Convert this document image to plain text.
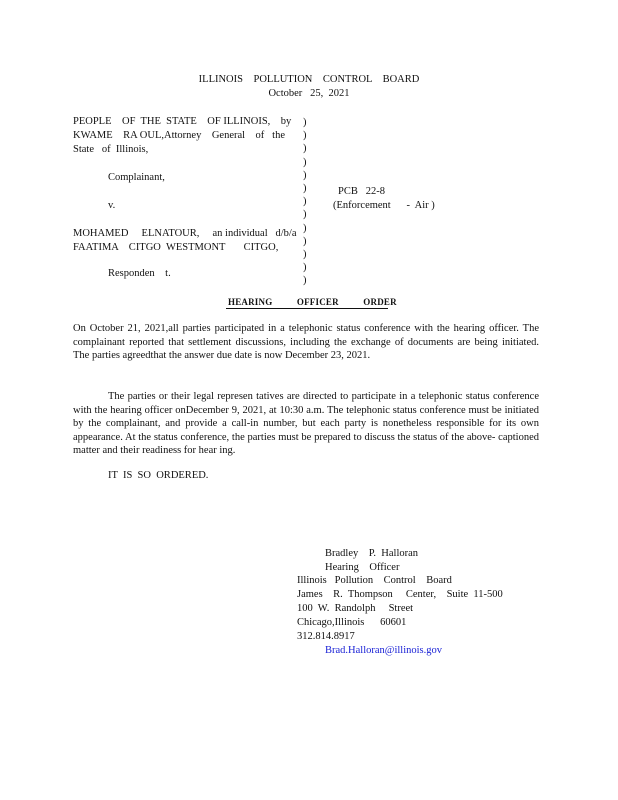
ILLINOIS    POLLUTION    CONTROL    BOARD
October   25,  2021
PEOPLE    OF  THE  STATE    OF ILLINOIS,    by
KWAME    RA OUL,Attorney    General    of   the
State   of  Illinois,
Complainant,
v.
MOHAMED     ELNATOUR,     an individual   d/b/a
FAATIMA    CITGO  WESTMONT       CITGO,
Responden    t.
)
)
)
)
)
)
)
)
)
)
)
)
)
PCB   22-8
(Enforcement      -  Air )
HEARING          OFFICER          ORDER
On October 21, 2021,all parties participated in a telephonic status conference with the hearing officer. The complainant reported that settlement discussions, including the exchange of documents are being initiated. The parties agreedthat the answer due date is now December 23, 2021.
The parties or their legal represen tatives are directed to participate in a telephonic status conference with the hearing officer onDecember 9, 2021, at 10:30 a.m. The telephonic status conference must be initiated by the complainant, and provide a call-in number, but each party is nonetheless responsible for its own appearance. At the status conference, the parties must be prepared to discuss the status of the above- captioned matter and their readiness for hear ing.
IT  IS  SO  ORDERED.
Bradley    P.  Halloran
Hearing    Officer
Illinois   Pollution    Control    Board
James    R.  Thompson     Center,    Suite  11-500
100  W.  Randolph     Street
Chicago,Illinois      60601
312.814.8917
Brad.Halloran@illinois.gov
